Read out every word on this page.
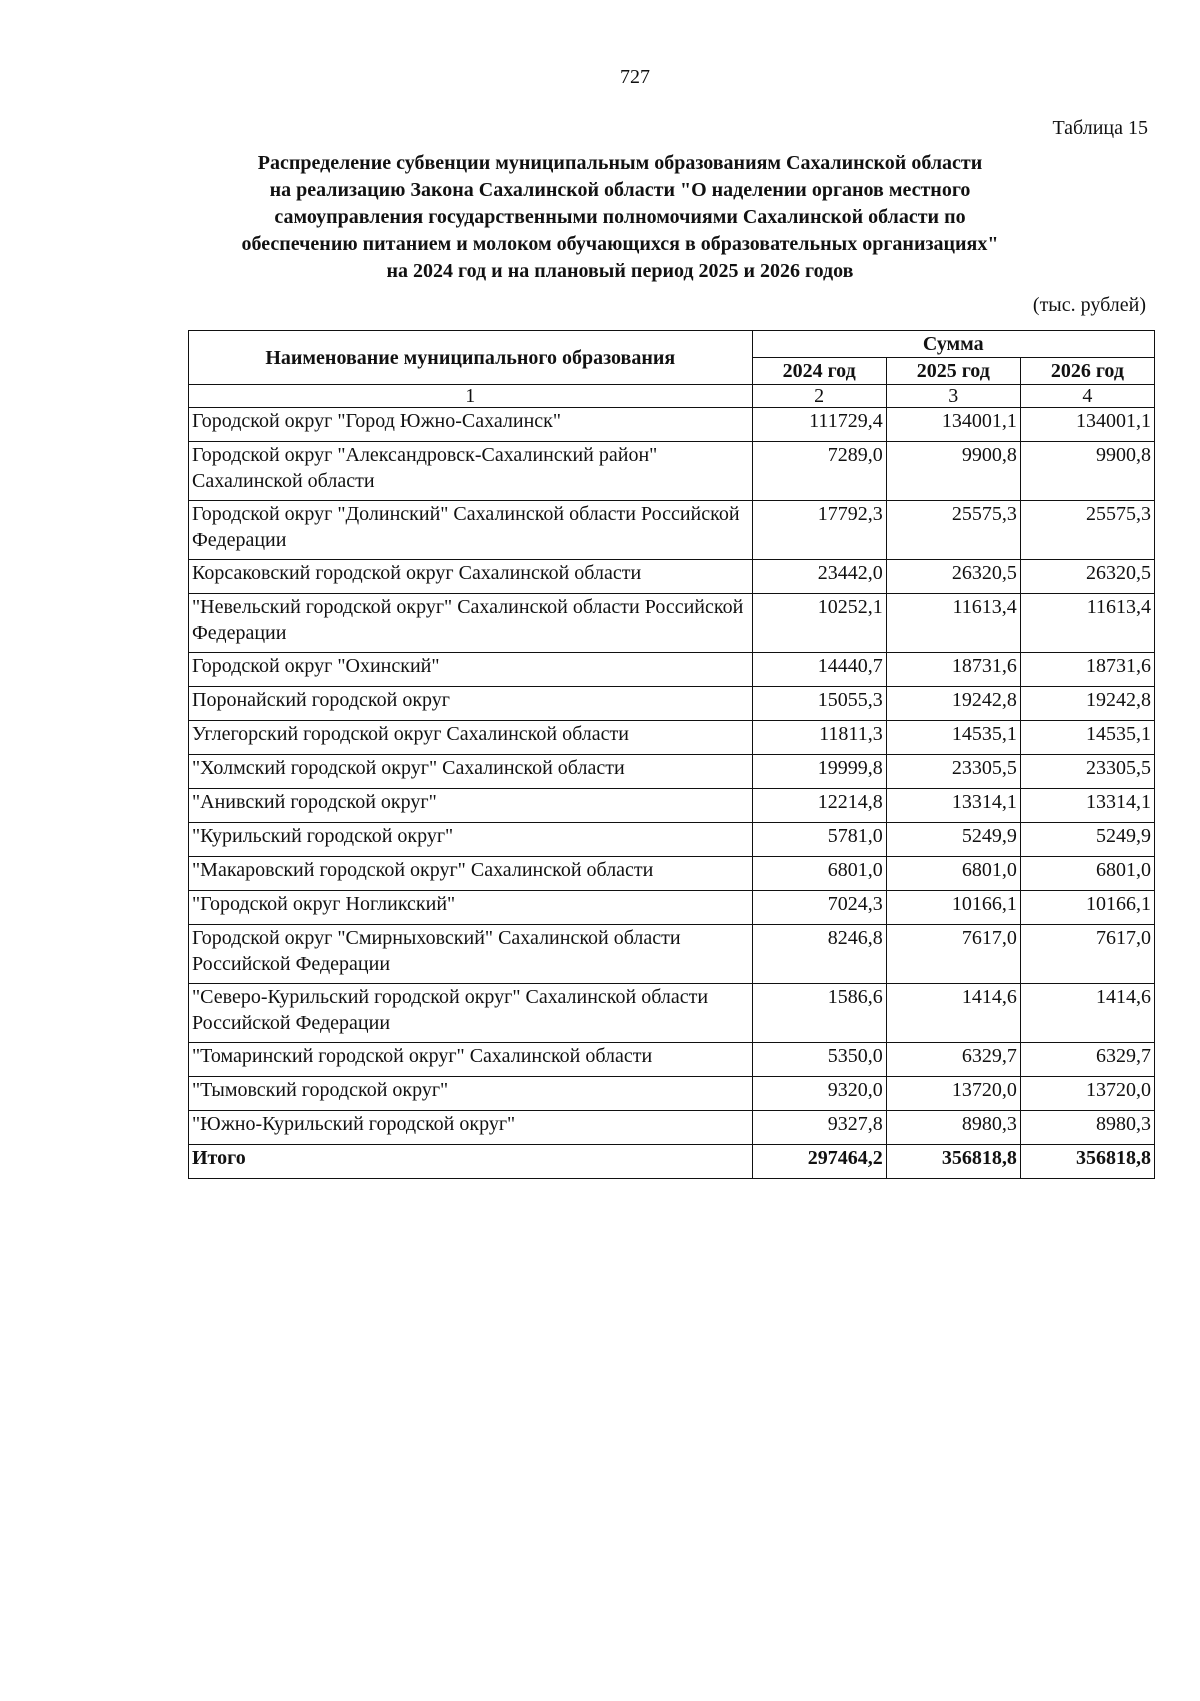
727
Таблица 15
Распределение субвенции муниципальным образованиям Сахалинской области
на реализацию Закона Сахалинской области "О наделении органов местного
самоуправления государственными полномочиями Сахалинской области по
обеспечению питанием и молоком обучающихся в образовательных организациях"
на 2024 год и на плановый период 2025 и 2026 годов
(тыс. рублей)
Наименование муниципального образования	Сумма		
	2024 год	2025 год	2026 год
1	2	3	4
Городской округ "Город Южно-Сахалинск"	111729,4	134001,1	134001,1
Городской округ "Александровск-Сахалинский район" Сахалинской области	7289,0	9900,8	9900,8
Городской округ "Долинский" Сахалинской области Российской Федерации	17792,3	25575,3	25575,3
Корсаковский городской округ Сахалинской области	23442,0	26320,5	26320,5
"Невельский городской округ" Сахалинской области Российской Федерации	10252,1	11613,4	11613,4
Городской округ "Охинский"	14440,7	18731,6	18731,6
Поронайский городской округ	15055,3	19242,8	19242,8
Углегорский городской округ Сахалинской области	11811,3	14535,1	14535,1
"Холмский городской округ" Сахалинской области	19999,8	23305,5	23305,5
"Анивский городской округ"	12214,8	13314,1	13314,1
"Курильский городской округ"	5781,0	5249,9	5249,9
"Макаровский городской округ" Сахалинской области	6801,0	6801,0	6801,0
"Городской округ Ногликский"	7024,3	10166,1	10166,1
Городской округ "Смирныховский" Сахалинской области Российской Федерации	8246,8	7617,0	7617,0
"Северо-Курильский городской округ" Сахалинской области Российской Федерации	1586,6	1414,6	1414,6
"Томаринский городской округ" Сахалинской области	5350,0	6329,7	6329,7
"Тымовский городской округ"	9320,0	13720,0	13720,0
"Южно-Курильский городской округ"	9327,8	8980,3	8980,3
Итого	297464,2	356818,8	356818,8
